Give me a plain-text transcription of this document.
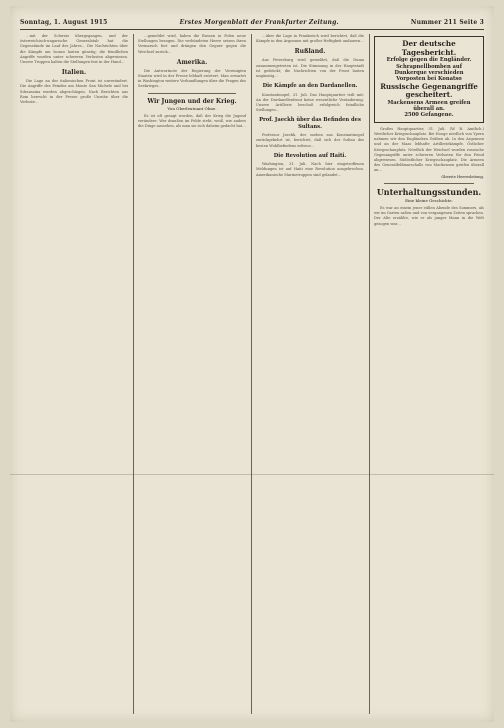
Sonntag, 1. August 1915	Erstes Morgenblatt der Frankfurter Zeitung.	Nummer 211 Seite 3

…mit der Schweiz übergegangen, und der österreichisch-ungarische Generalstab hat die Gegenstände im Lauf des Jahres… Die Nachrichten über die Kämpfe am Isonzo lauten günstig; die feindlichen Angriffe wurden unter schweren Verlusten abgewiesen. Unsere Truppen halten die Stellungen fest in der Hand…

Italien.

Die Lage an der italienischen Front ist unverändert. Die Angriffe des Feindes am Monte San Michele und bei Sdraussina wurden abgeschlagen. Nach Berichten aus Rom herrscht in der Presse große Unruhe über die Verluste…

…gemeldet wird, haben die Russen in Polen neue Stellungen bezogen. Die verbündeten Heere setzen ihren Vormarsch fort und drängen den Gegner gegen die Weichsel zurück…

Amerika.

Die Antwortnote der Regierung der Vereinigten Staaten wird in der Presse lebhaft erörtert. Man erwartet in Washington weitere Verhandlungen über die Fragen des Seekrieges…

Wir Jungen und der Krieg.
Von Oberleutnant Ohne.

Es ist oft gesagt worden, daß der Krieg die Jugend verändere. Wer draußen im Felde steht, weiß, wie anders die Dinge aussehen, als man sie sich daheim gedacht hat…

…über die Lage in Frankreich wird berichtet, daß die Kämpfe in den Argonnen mit großer Heftigkeit andauern…

Rußland.

Aus Petersburg wird gemeldet, daß die Duma zusammengetreten ist. Die Stimmung in der Hauptstadt ist gedrückt; die Nachrichten von der Front lauten ungünstig…

Die Kämpfe an den Dardanellen.

Konstantinopel, 31. Juli. Das Hauptquartier teilt mit: An der Dardanellenfront keine wesentliche Veränderung. Unsere Artillerie beschoß erfolgreich feindliche Stellungen…

Prof. Jaeckh über das Befinden des Sultans.

Professor Jaeckh, der soeben aus Konstantinopel zurückgekehrt ist, berichtet, daß sich der Sultan des besten Wohlbefindens erfreue…

Die Revolution auf Haiti.

Washington, 31. Juli. Nach hier eingetroffenen Meldungen ist auf Haiti eine Revolution ausgebrochen. Amerikanische Marinetruppen sind gelandet…

Der deutsche Tagesbericht.
Erfolge gegen die Engländer.
Schrapnellbomben auf Dunkerque verschieden
Vorposten bei Konatso
Russische Gegenangriffe gescheitert.
Mackensens Armeen greifen überall an.
2500 Gefangene.

Großes Hauptquartier, 31. Juli. (W. B. Amtlich.) Westlicher Kriegsschauplatz. Bei Hooge nördlich von Ypern nahmen wir den Engländern Gräben ab. In den Argonnen und an der Maas lebhafte Artilleriekämpfe. Östlicher Kriegsschauplatz. Nördlich der Weichsel wurden russische Gegenangriffe unter schweren Verlusten für den Feind abgewiesen. Südöstlicher Kriegsschauplatz. Die Armeen des Generalfeldmarschalls von Mackensen greifen überall an…

Oberste Heeresleitung.

Unterhaltungsstunden.
Eine kleine Geschichte.

Es war an einem jener stillen Abende des Sommers, als wir im Garten saßen und von vergangenen Zeiten sprachen. Der Alte erzählte, wie er als junger Mann in die Welt gezogen war…
